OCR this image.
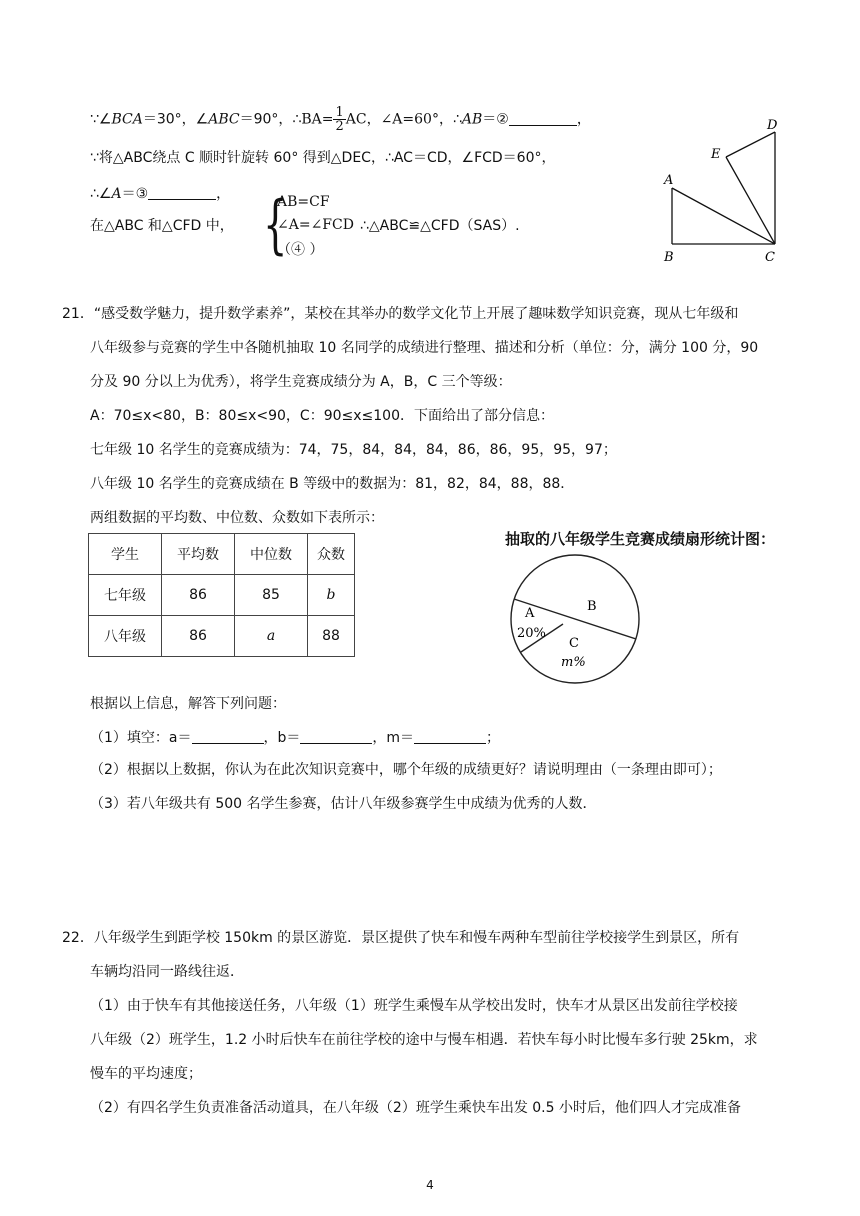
∵∠BCA＝30°，∠ABC＝90°，∴BA= $\frac{1}{2}$ AC，∠A=60°，∴AB＝②	，
∵将△ABC绕点 C 顺时针旋转 60° 得到△DEC，∴AC＝CD，∠FCD＝60°，
∴∠A＝③	，
在△ABC 和△CFD 中， {
AB=CF
∠A=∠FCD
（④ ）
∴△ABC≌△CFD（SAS）.
A
B	C
D
E
21．“感受数学魅力，提升数学素养”，某校在其举办的数学文化节上开展了趣味数学知识竞赛，现从七年级和
八年级参与竞赛的学生中各随机抽取 10 名同学的成绩进行整理、描述和分析（单位：分，满分 100 分，90
分及 90 分以上为优秀），将学生竞赛成绩分为 A，B，C 三个等级：
A：70≤x<80，B：80≤x<90，C：90≤x≤100．下面给出了部分信息：
七年级 10 名学生的竞赛成绩为：74，75，84，84，84，86，86，95，95，97；
八年级 10 名学生的竞赛成绩在 B 等级中的数据为：81，82，84，88，88．
两组数据的平均数、中位数、众数如下表所示：
学生	平均数	中位数	众数
七年级	86	85	b
八年级	86	a	88
抽取的八年级学生竞赛成绩扇形统计图：
A
20%
B
C
m%
根据以上信息，解答下列问题：
（1）填空：a＝	，b＝	，m＝	；
（2）根据以上数据，你认为在此次知识竞赛中，哪个年级的成绩更好？请说明理由（一条理由即可）；
（3）若八年级共有 500 名学生参赛，估计八年级参赛学生中成绩为优秀的人数．
22．八年级学生到距学校 150km 的景区游览．景区提供了快车和慢车两种车型前往学校接学生到景区，所有
车辆均沿同一路线往返．
（1）由于快车有其他接送任务，八年级（1）班学生乘慢车从学校出发时，快车才从景区出发前往学校接
八年级（2）班学生，1.2 小时后快车在前往学校的途中与慢车相遇．若快车每小时比慢车多行驶 25km，求
慢车的平均速度；
（2）有四名学生负责准备活动道具，在八年级（2）班学生乘快车出发 0.5 小时后，他们四人才完成准备
4
